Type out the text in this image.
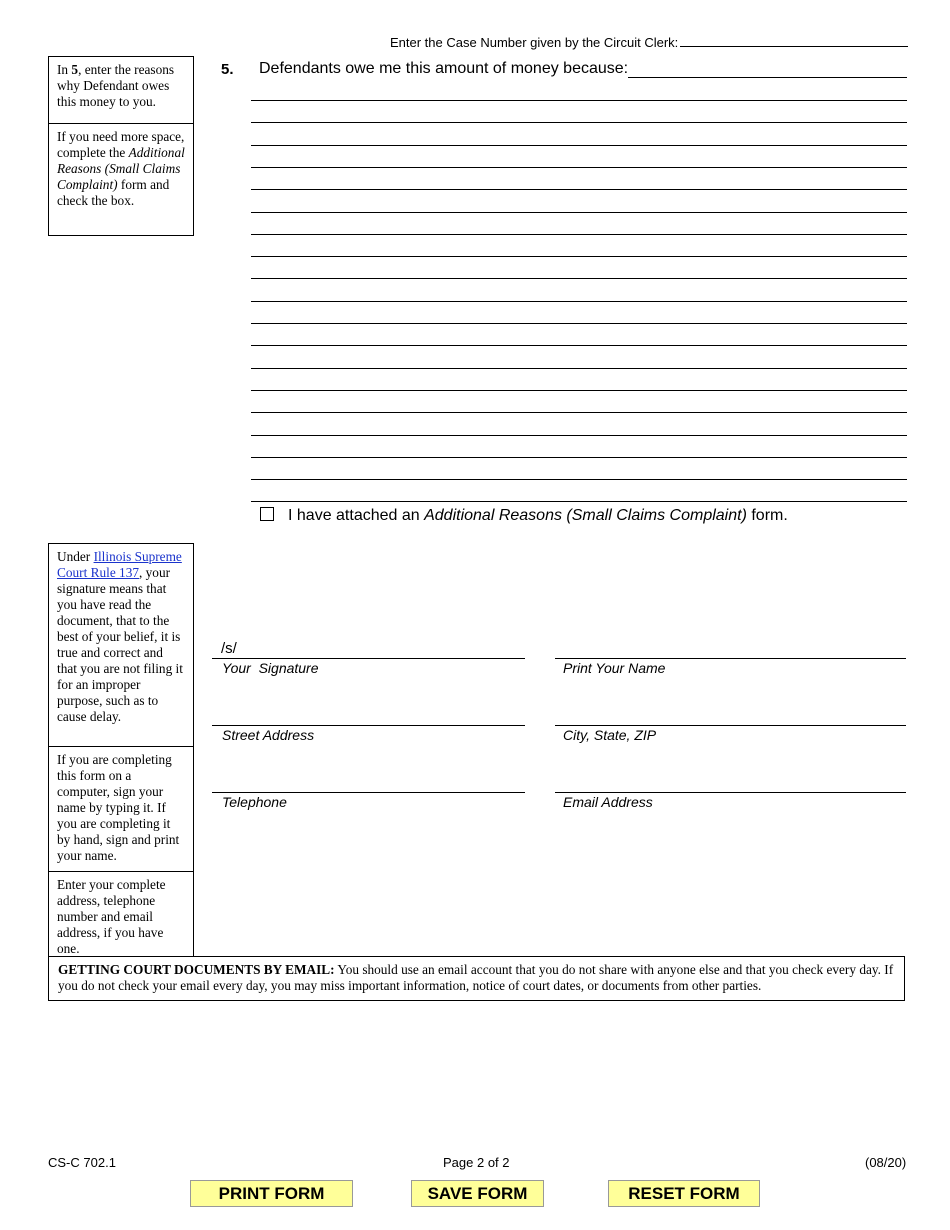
Enter the Case Number given by the Circuit Clerk:
In 5, enter the reasons why Defendant owes this money to you.
If you need more space, complete the Additional Reasons (Small Claims Complaint) form and check the box.
Under Illinois Supreme Court Rule 137, your signature means that you have read the document, that to the best of your belief, it is true and correct and that you are not filing it for an improper purpose, such as to cause delay.
If you are completing this form on a computer, sign your name by typing it. If you are completing it by hand, sign and print your name.
Enter your complete address, telephone number and email address, if you have one.
5. Defendants owe me this amount of money because:
I have attached an Additional Reasons (Small Claims Complaint) form.
/s/
Your  Signature	Print Your Name
Street Address	City, State, ZIP
Telephone	Email Address
GETTING COURT DOCUMENTS BY EMAIL: You should use an email account that you do not share with anyone else and that you check every day. If you do not check your email every day, you may miss important information, notice of court dates, or documents from other parties.
CS-C 702.1	Page 2 of 2	(08/20)
PRINT FORM	SAVE FORM	RESET FORM
